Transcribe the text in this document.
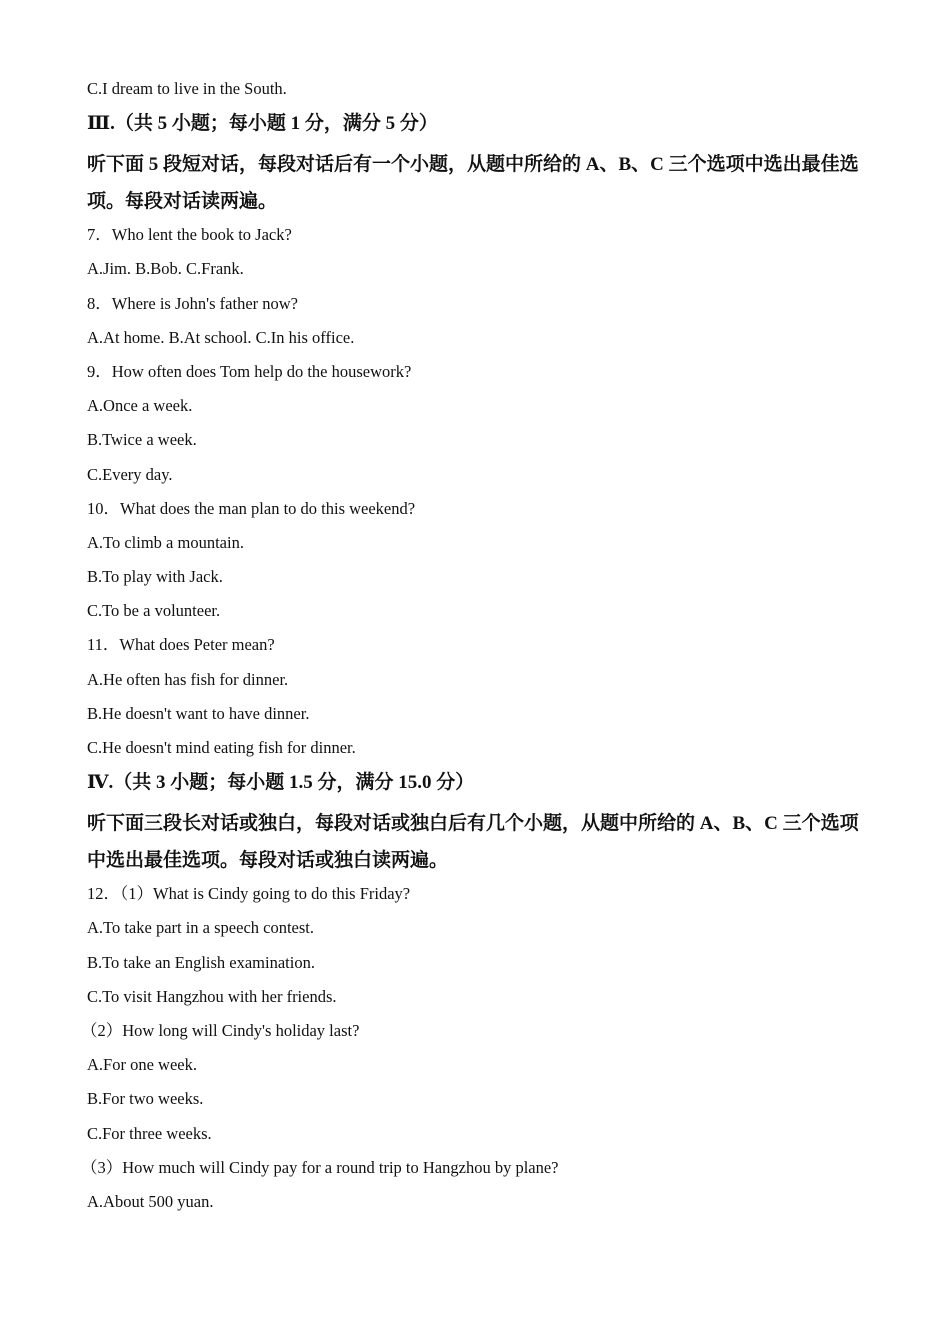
C.I dream to live in the South.
Ⅲ.（共 5 小题；每小题 1 分，满分 5 分）
听下面 5 段短对话，每段对话后有一个小题，从题中所给的 A、B、C 三个选项中选出最佳选项。每段对话读两遍。
7．Who lent the book to Jack?
A.Jim. B.Bob. C.Frank.
8．Where is John's father now?
A.At home. B.At school. C.In his office.
9．How often does Tom help do the housework?
A.Once a week.
B.Twice a week.
C.Every day.
10．What does the man plan to do this weekend?
A.To climb a mountain.
B.To play with Jack.
C.To be a volunteer.
11．What does Peter mean?
A.He often has fish for dinner.
B.He doesn't want to have dinner.
C.He doesn't mind eating fish for dinner.
Ⅳ.（共 3 小题；每小题 1.5 分，满分 15.0 分）
听下面三段长对话或独白，每段对话或独白后有几个小题，从题中所给的 A、B、C 三个选项中选出最佳选项。每段对话或独白读两遍。
12．（1）What is Cindy going to do this Friday?
A.To take part in a speech contest.
B.To take an English examination.
C.To visit Hangzhou with her friends.
（2）How long will Cindy's holiday last?
A.For one week.
B.For two weeks.
C.For three weeks.
（3）How much will Cindy pay for a round trip to Hangzhou by plane?
A.About 500 yuan.
